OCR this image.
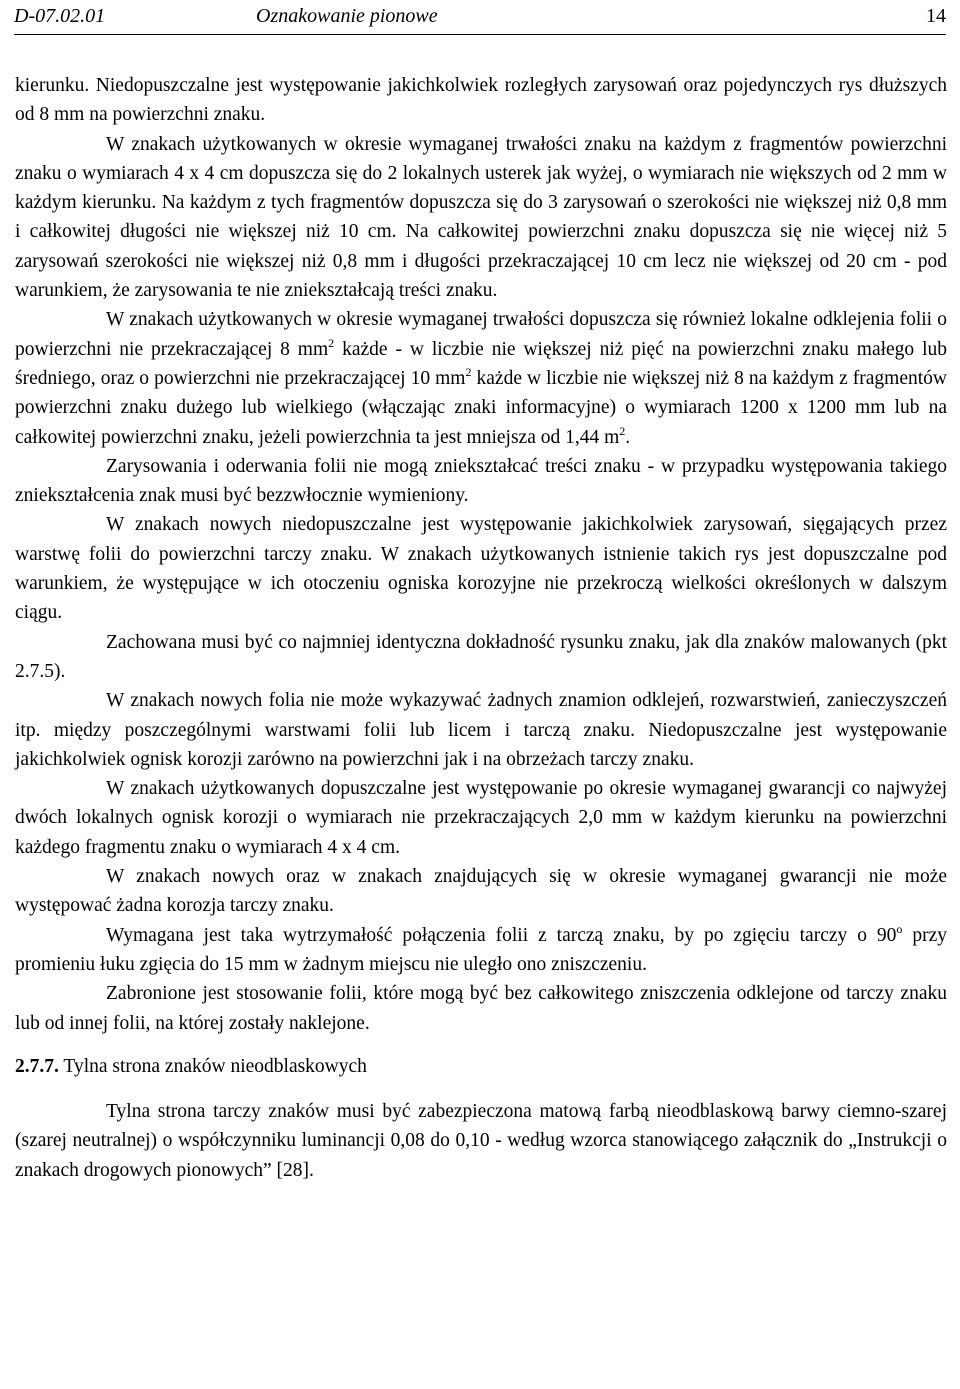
D-07.02.01	Oznakowanie pionowe	14

kierunku. Niedopuszczalne jest występowanie jakichkolwiek rozległych zarysowań oraz pojedynczych rys dłuższych od 8 mm na powierzchni znaku.

W znakach użytkowanych w okresie wymaganej trwałości znaku na każdym z fragmentów powierzchni znaku o wymiarach 4 x 4 cm dopuszcza się do 2 lokalnych usterek jak wyżej, o wymiarach nie większych od 2 mm w każdym kierunku. Na każdym z tych fragmentów dopuszcza się do 3 zarysowań o szerokości nie większej niż 0,8 mm i całkowitej długości nie większej niż 10 cm. Na całkowitej powierzchni znaku dopuszcza się nie więcej niż 5 zarysowań szerokości nie większej niż 0,8 mm i długości przekraczającej 10 cm lecz nie większej od 20 cm - pod warunkiem, że zarysowania te nie zniekształcają treści znaku.

W znakach użytkowanych w okresie wymaganej trwałości dopuszcza się również lokalne odklejenia folii o powierzchni nie przekraczającej 8 $mm^2$ każde - w liczbie nie większej niż pięć na powierzchni znaku małego lub średniego, oraz o powierzchni nie przekraczającej 10 $mm^2$ każde w liczbie nie większej niż 8 na każdym z fragmentów powierzchni znaku dużego lub wielkiego (włączając znaki informacyjne) o wymiarach 1200 x 1200 mm lub na całkowitej powierzchni znaku, jeżeli powierzchnia ta jest mniejsza od 1,44 $m^2$.

Zarysowania i oderwania folii nie mogą zniekształcać treści znaku - w przypadku występowania takiego zniekształcenia znak musi być bezzwłocznie wymieniony.

W znakach nowych niedopuszczalne jest występowanie jakichkolwiek zarysowań, sięgających przez warstwę folii do powierzchni tarczy znaku. W znakach użytkowanych istnienie takich rys jest dopuszczalne pod warunkiem, że występujące w ich otoczeniu ogniska korozyjne nie przekroczą wielkości określonych w dalszym ciągu.

Zachowana musi być co najmniej identyczna dokładność rysunku znaku, jak dla znaków malowanych (pkt 2.7.5).

W znakach nowych folia nie może wykazywać żadnych znamion odklejeń, rozwarstwień, zanieczyszczeń itp. między poszczególnymi warstwami folii lub licem i tarczą znaku. Niedopuszczalne jest występowanie jakichkolwiek ognisk korozji zarówno na powierzchni jak i na obrzeżach tarczy znaku.

W znakach użytkowanych dopuszczalne jest występowanie po okresie wymaganej gwarancji co najwyżej dwóch lokalnych ognisk korozji o wymiarach nie przekraczających 2,0 mm w każdym kierunku na powierzchni każdego fragmentu znaku o wymiarach 4 x 4 cm.

W znakach nowych oraz w znakach znajdujących się w okresie wymaganej gwarancji nie może występować żadna korozja tarczy znaku.

Wymagana jest taka wytrzymałość połączenia folii z tarczą znaku, by po zgięciu tarczy o 90$^o$ przy promieniu łuku zgięcia do 15 mm w żadnym miejscu nie uległo ono zniszczeniu.

Zabronione jest stosowanie folii, które mogą być bez całkowitego zniszczenia odklejone od tarczy znaku lub od innej folii, na której zostały naklejone.

2.7.7. Tylna strona znaków nieodblaskowych

Tylna strona tarczy znaków musi być zabezpieczona matową farbą nieodblaskową barwy ciemno-szarej (szarej neutralnej) o współczynniku luminancji 0,08 do 0,10 - według wzorca stanowiącego załącznik do „Instrukcji o znakach drogowych pionowych” [28].
